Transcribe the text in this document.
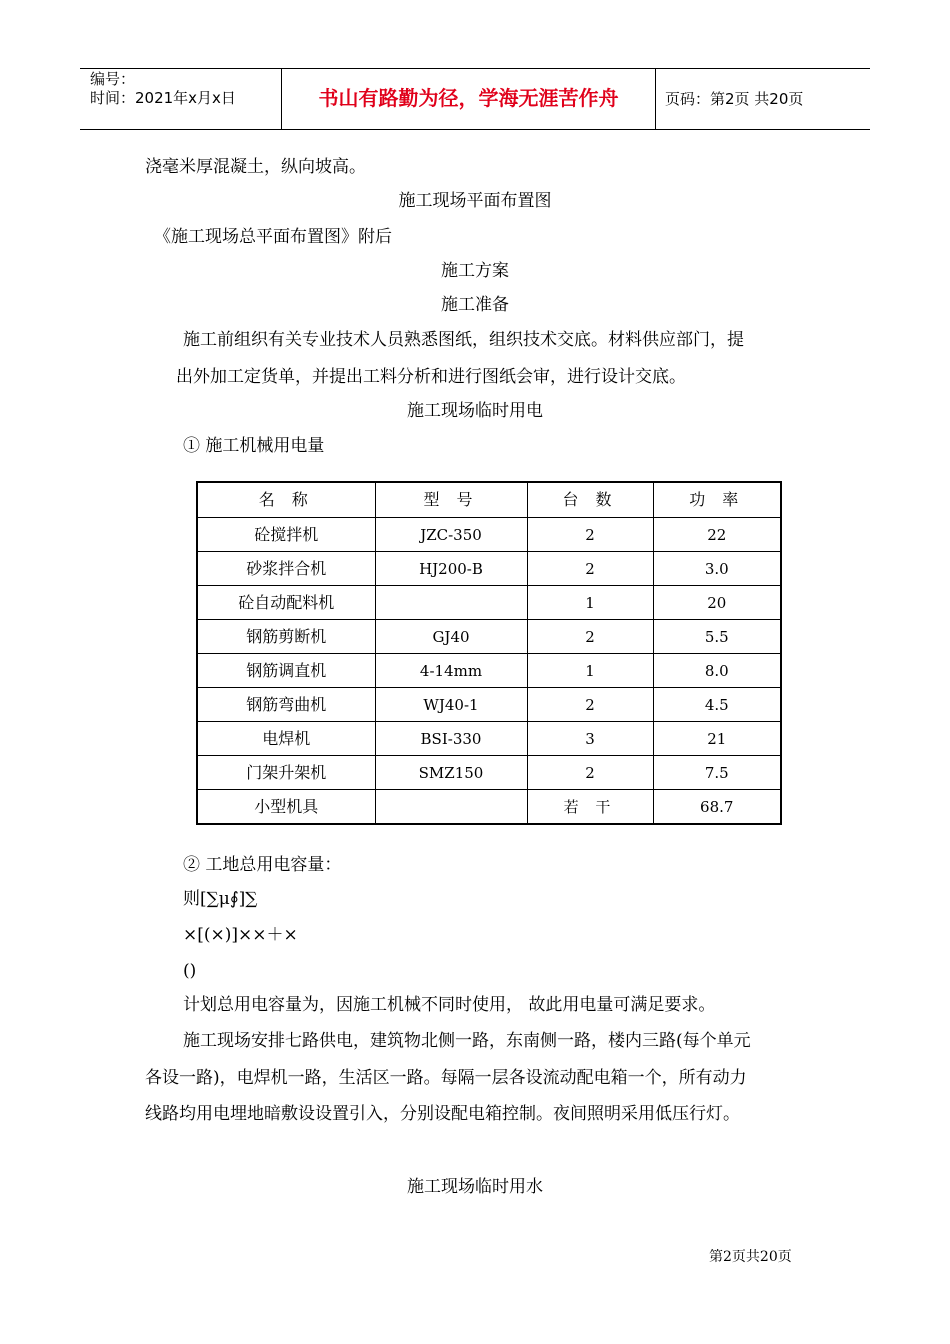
编号：
时间：2021年x月x日	书山有路勤为径，学海无涯苦作舟	页码：第2页 共20页
浇毫米厚混凝土，纵向坡高。
施工现场平面布置图
《施工现场总平面布置图》附后
施工方案
施工准备
施工前组织有关专业技术人员熟悉图纸，组织技术交底。材料供应部门，提
出外加工定货单，并提出工料分析和进行图纸会审，进行设计交底。
施工现场临时用电
① 施工机械用电量
名 称	型 号	台 数	功 率
砼搅拌机	JZC-350	2	22
砂浆拌合机	HJ200-B	2	3.0
砼自动配料机		1	20
钢筋剪断机	GJ40	2	5.5
钢筋调直机	4-14mm	1	8.0
钢筋弯曲机	WJ40-1	2	4.5
电焊机	BSI-330	3	21
门架升架机	SMZ150	2	7.5
小型机具		若 干	68.7
② 工地总用电容量：
则[∑μ∮]∑
×[(×)]××＋×
()
计划总用电容量为，因施工机械不同时使用， 故此用电量可满足要求。
施工现场安排七路供电，建筑物北侧一路，东南侧一路，楼内三路(每个单元
各设一路)，电焊机一路，生活区一路。每隔一层各设流动配电箱一个，所有动力
线路均用电埋地暗敷设设置引入，分别设配电箱控制。夜间照明采用低压行灯。
施工现场临时用水
第2页共20页
